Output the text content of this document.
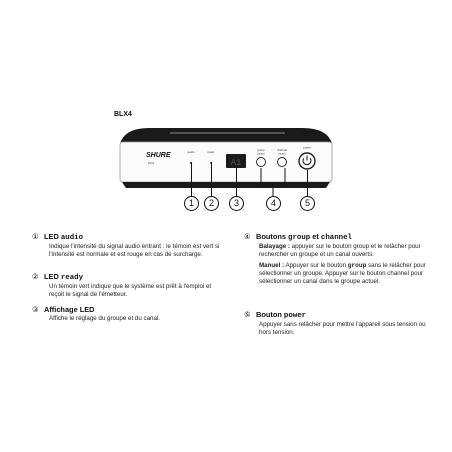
BLX4
SHURE
BLX4
audio	ready
A1
group
(scan)
channel
(scan)
power
1	2	3	4	5
① LED audio
Indique l'intensité du signal audio entrant : le témoin est vert si l'intensité est normale et est rouge en cas de surcharge.
② LED ready
Un témoin vert indique que le système est prêt à l'emploi et reçoit le signal de l'émetteur.
③ Affichage LED
Affiche le réglage du groupe et du canal.
④ Boutons group et channel
Balayage : appuyer sur le bouton group et le relâcher pour rechercher un groupe et un canal ouverts.
Manuel : Appuyer sur le bouton group sans le relâcher pour sélectionner un groupe. Appuyer sur le bouton channel pour sélectionner un canal dans le groupe actuel.
⑤ Bouton power
Appuyer sans relâcher pour mettre l'appareil sous tension ou hors tension.
